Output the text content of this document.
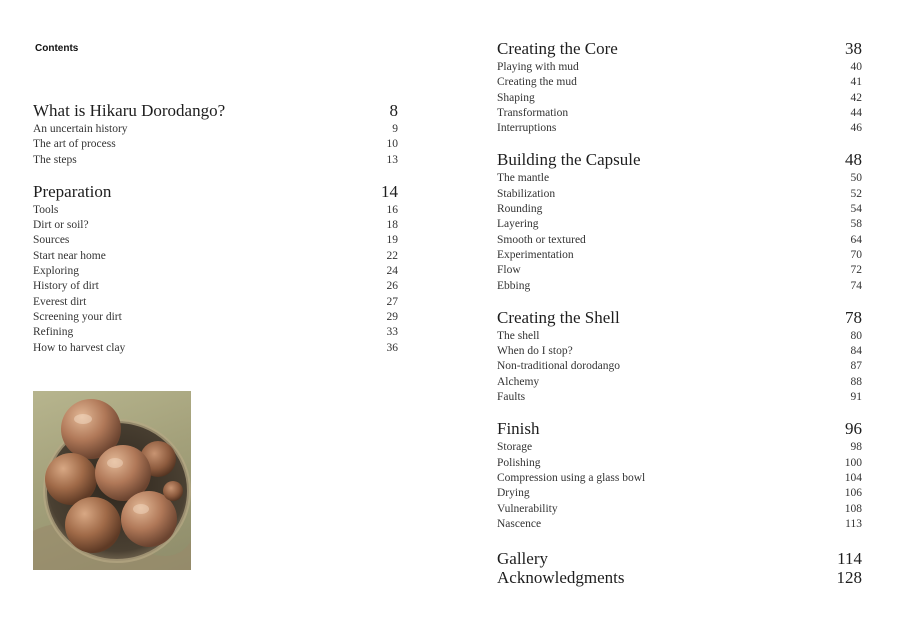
Contents
What is Hikaru Dorodango?	8
An uncertain history	9
The art of process	10
The steps	13
Preparation	14
Tools	16
Dirt or soil?	18
Sources	19
Start near home	22
Exploring	24
History of dirt	26
Everest dirt	27
Screening your dirt	29
Refining	33
How to harvest clay	36
Creating the Core	38
Playing with mud	40
Creating the mud	41
Shaping	42
Transformation	44
Interruptions	46
Building the Capsule	48
The mantle	50
Stabilization	52
Rounding	54
Layering	58
Smooth or textured	64
Experimentation	70
Flow	72
Ebbing	74
Creating the Shell	78
The shell	80
When do I stop?	84
Non-traditional dorodango	87
Alchemy	88
Faults	91
Finish	96
Storage	98
Polishing	100
Compression using a glass bowl	104
Drying	106
Vulnerability	108
Nascence	113
Gallery	114
Acknowledgments	128
